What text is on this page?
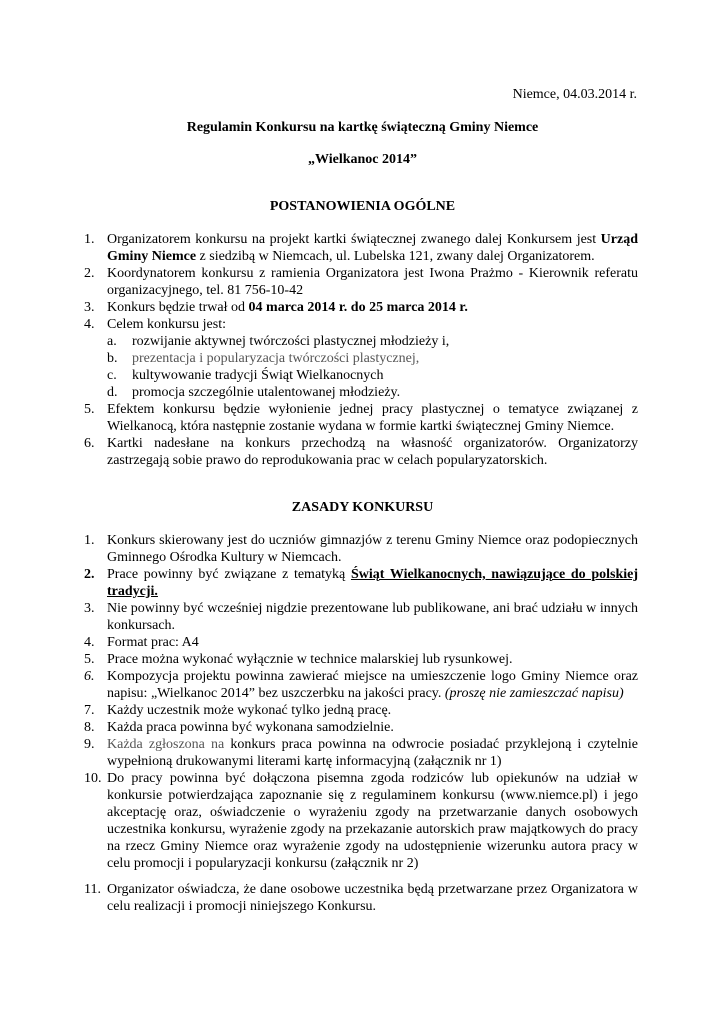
Niemce, 04.03.2014 r.
Regulamin Konkursu na kartkę świąteczną Gminy Niemce
„Wielkanoc 2014”
POSTANOWIENIA OGÓLNE
1. Organizatorem konkursu na projekt kartki świątecznej zwanego dalej Konkursem jest Urząd Gminy Niemce z siedzibą w Niemcach, ul. Lubelska 121, zwany dalej Organizatorem.
2. Koordynatorem konkursu z ramienia Organizatora jest Iwona Prażmo - Kierownik referatu organizacyjnego, tel. 81 756-10-42
3. Konkurs będzie trwał od 04 marca 2014 r. do 25 marca 2014 r.
4. Celem konkursu jest:
a. rozwijanie aktywnej twórczości plastycznej młodzieży i,
b. prezentacja i popularyzacja twórczości plastycznej,
c. kultywowanie tradycji Świąt Wielkanocnych
d. promocja szczególnie utalentowanej młodzieży.
5. Efektem konkursu będzie wyłonienie jednej pracy plastycznej o tematyce związanej z Wielkanocą, która następnie zostanie wydana w formie kartki świątecznej Gminy Niemce.
6. Kartki nadesłane na konkurs przechodzą na własność organizatorów. Organizatorzy zastrzegają sobie prawo do reprodukowania prac w celach popularyzatorskich.
ZASADY KONKURSU
1. Konkurs skierowany jest do uczniów gimnazjów z terenu Gminy Niemce oraz podopiecznych Gminnego Ośrodka Kultury w Niemcach.
2. Prace powinny być związane z tematyką Świąt Wielkanocnych, nawiązujące do polskiej tradycji.
3. Nie powinny być wcześniej nigdzie prezentowane lub publikowane, ani brać udziału w innych konkursach.
4. Format prac: A4
5. Prace można wykonać wyłącznie w technice malarskiej lub rysunkowej.
6. Kompozycja projektu powinna zawierać miejsce na umieszczenie logo Gminy Niemce oraz napisu: „Wielkanoc 2014” bez uszczerbku na jakości pracy. (proszę nie zamieszczać napisu)
7. Każdy uczestnik może wykonać tylko jedną pracę.
8. Każda praca powinna być wykonana samodzielnie.
9. Każda zgłoszona na konkurs praca powinna na odwrocie posiadać przyklejoną i czytelnie wypełnioną drukowanymi literami kartę informacyjną (załącznik nr 1)
10. Do pracy powinna być dołączona pisemna zgoda rodziców lub opiekunów na udział w konkursie potwierdzająca zapoznanie się z regulaminem konkursu (www.niemce.pl) i jego akceptację oraz, oświadczenie o wyrażeniu zgody na przetwarzanie danych osobowych uczestnika konkursu, wyrażenie zgody na przekazanie autorskich praw majątkowych do pracy na rzecz Gminy Niemce oraz wyrażenie zgody na udostępnienie wizerunku autora pracy w celu promocji i popularyzacji konkursu (załącznik nr 2)
11. Organizator oświadcza, że dane osobowe uczestnika będą przetwarzane przez Organizatora w celu realizacji i promocji niniejszego Konkursu.
